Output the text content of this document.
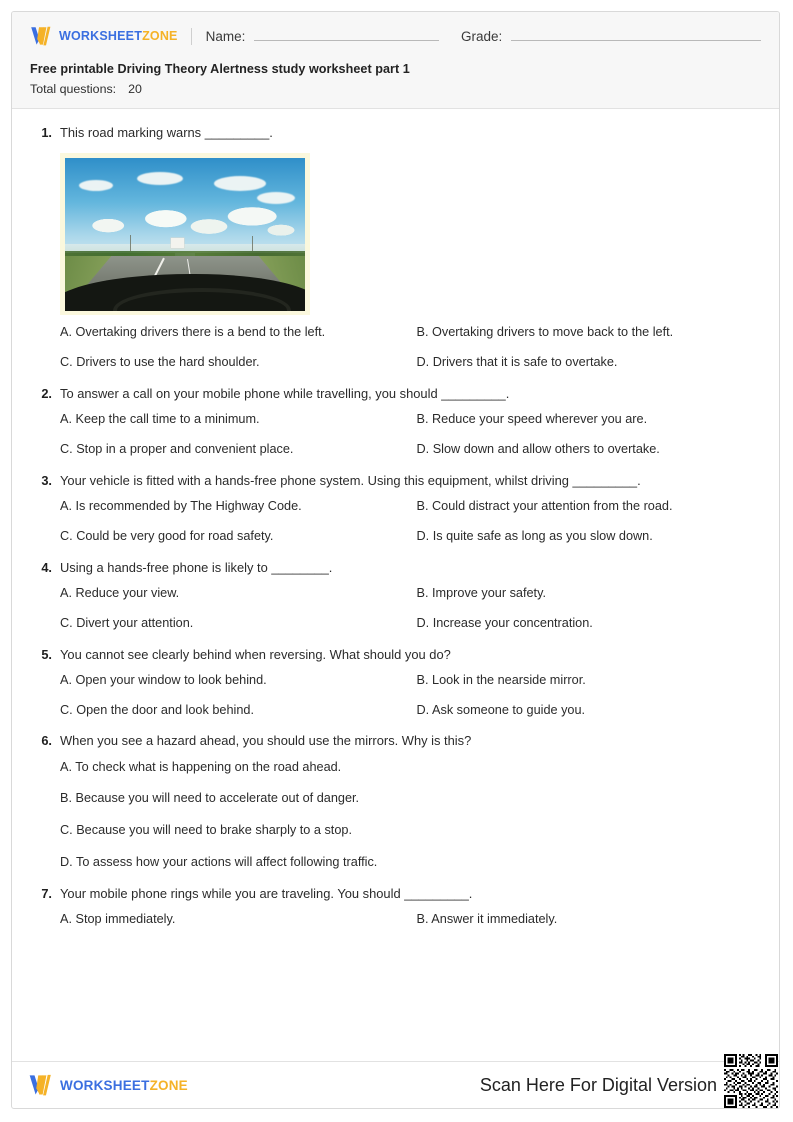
WORKSHEETZONE Name:	Grade:
Free printable Driving Theory Alertness study worksheet part 1
Total questions: 20
1. This road marking warns _________.
A. Overtaking drivers there is a bend to the left.	B. Overtaking drivers to move back to the left.
C. Drivers to use the hard shoulder.	D. Drivers that it is safe to overtake.
2. To answer a call on your mobile phone while travelling, you should _________.
A. Keep the call time to a minimum.	B. Reduce your speed wherever you are.
C. Stop in a proper and convenient place.	D. Slow down and allow others to overtake.
3. Your vehicle is fitted with a hands-free phone system. Using this equipment, whilst driving _________.
A. Is recommended by The Highway Code.	B. Could distract your attention from the road.
C. Could be very good for road safety.	D. Is quite safe as long as you slow down.
4. Using a hands-free phone is likely to ________.
A. Reduce your view.	B. Improve your safety.
C. Divert your attention.	D. Increase your concentration.
5. You cannot see clearly behind when reversing. What should you do?
A. Open your window to look behind.	B. Look in the nearside mirror.
C. Open the door and look behind.	D. Ask someone to guide you.
6. When you see a hazard ahead, you should use the mirrors. Why is this?
A. To check what is happening on the road ahead.
B. Because you will need to accelerate out of danger.
C. Because you will need to brake sharply to a stop.
D. To assess how your actions will affect following traffic.
7. Your mobile phone rings while you are traveling. You should _________.
A. Stop immediately.	B. Answer it immediately.
WORKSHEETZONE	Scan Here For Digital Version
